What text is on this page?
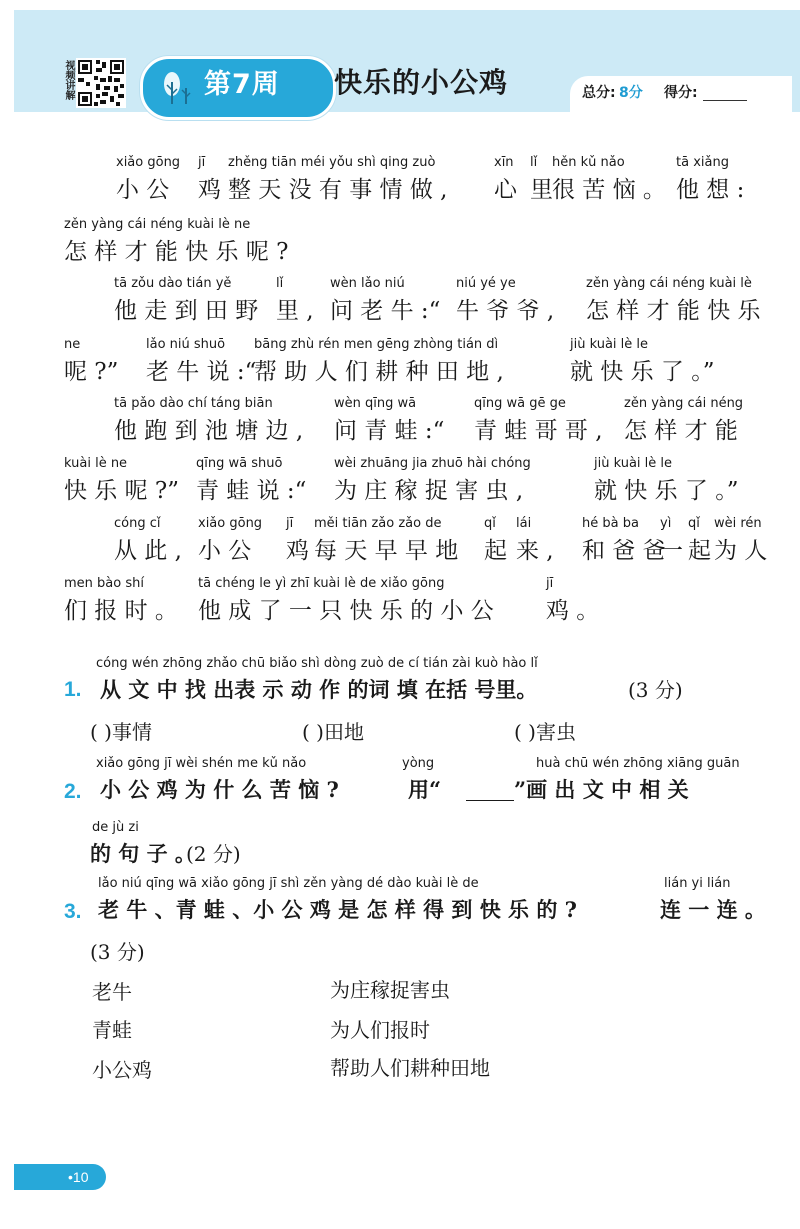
视频讲解	第7周 快乐的小公鸡	总分: 8分 得分:
xiǎo gōng
小 公
jī
鸡
zhěng tiān méi yǒu shì qing zuò
整 天 没 有 事 情 做 ,
xīn
心
lǐ
里
hěn kǔ nǎo
很 苦 恼 。
tā xiǎng
他 想 :
zěn yàng cái néng kuài lè ne
怎 样 才 能 快 乐 呢 ?
tā zǒu dào tián yě
他 走 到 田 野
lǐ
里 ,
wèn lǎo niú
问 老 牛 :“
niú yé ye
牛 爷 爷 ,
zěn yàng cái néng kuài lè
怎 样 才 能 快 乐
ne
呢 ?”
lǎo niú shuō
老 牛 说 :“
bāng zhù rén men gēng zhòng tián dì
帮 助 人 们 耕 种 田 地 ,
jiù kuài lè le
就 快 乐 了 。”
tā pǎo dào chí táng biān
他 跑 到 池 塘 边 ,
wèn qīng wā
问 青 蛙 :“
qīng wā gē ge
青 蛙 哥 哥 ,
zěn yàng cái néng
怎 样 才 能
kuài lè ne
快 乐 呢 ?”
qīng wā shuō
青 蛙 说 :“
wèi zhuāng jia zhuō hài chóng
为 庄 稼 捉 害 虫 ,
jiù kuài lè le
就 快 乐 了 。”
cóng cǐ
从 此 ,
xiǎo gōng
小 公
jī
鸡
měi tiān zǎo zǎo de
每 天 早 早 地
qǐ
起
lái
来 ,
hé bà ba
和 爸 爸
yì
一
qǐ
起
wèi rén
为 人
men bào shí
们 报 时 。
tā chéng le yì zhī kuài lè de xiǎo gōng
他 成 了 一 只 快 乐 的 小 公
jī
鸡 。
cóng wén zhōng zhǎo chū biǎo shì dòng zuò de cí tián zài kuò hào lǐ
1. 从 文 中 找 出表 示 动 作 的词 填 在括 号里。	(3 分)
( )事情	( )田地	( )害虫
xiǎo gōng jī wèi shén me kǔ nǎo	yòng	huà chū wén zhōng xiāng guān
2. 小 公 鸡 为 什 么 苦 恼 ?	用“	”画 出 文 中 相 关
de jù zi
的 句 子 。
(2 分)
lǎo niú qīng wā xiǎo gōng jī shì zěn yàng dé dào kuài lè de	lián yi lián
3. 老 牛 、青 蛙 、小 公 鸡 是 怎 样 得 到 快 乐 的 ?	连 一 连 。
(3 分)
老牛
青蛙
小公鸡
为庄稼捉害虫
为人们报时
帮助人们耕种田地
•10
